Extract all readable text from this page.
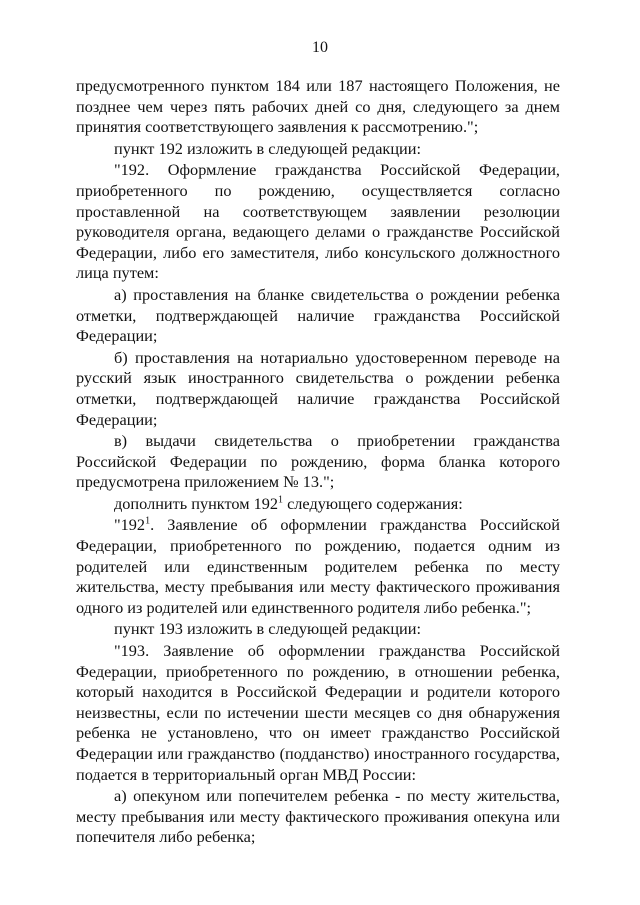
10

предусмотренного пунктом 184 или 187 настоящего Положения, не позднее чем через пять рабочих дней со дня, следующего за днем принятия соответствующего заявления к рассмотрению.";

пункт 192 изложить в следующей редакции:

"192. Оформление гражданства Российской Федерации, приобретенного по рождению, осуществляется согласно проставленной на соответствующем заявлении резолюции руководителя органа, ведающего делами о гражданстве Российской Федерации, либо его заместителя, либо консульского должностного лица путем:

а) проставления на бланке свидетельства о рождении ребенка отметки, подтверждающей наличие гражданства Российской Федерации;

б) проставления на нотариально удостоверенном переводе на русский язык иностранного свидетельства о рождении ребенка отметки, подтверждающей наличие гражданства Российской Федерации;

в) выдачи свидетельства о приобретении гражданства Российской Федерации по рождению, форма бланка которого предусмотрена приложением № 13.";

дополнить пунктом $192^1$ следующего содержания:

"$192^1$. Заявление об оформлении гражданства Российской Федерации, приобретенного по рождению, подается одним из родителей или единственным родителем ребенка по месту жительства, месту пребывания или месту фактического проживания одного из родителей или единственного родителя либо ребенка.";

пункт 193 изложить в следующей редакции:

"193. Заявление об оформлении гражданства Российской Федерации, приобретенного по рождению, в отношении ребенка, который находится в Российской Федерации и родители которого неизвестны, если по истечении шести месяцев со дня обнаружения ребенка не установлено, что он имеет гражданство Российской Федерации или гражданство (подданство) иностранного государства, подается в территориальный орган МВД России:

а) опекуном или попечителем ребенка - по месту жительства, месту пребывания или месту фактического проживания опекуна или попечителя либо ребенка;
